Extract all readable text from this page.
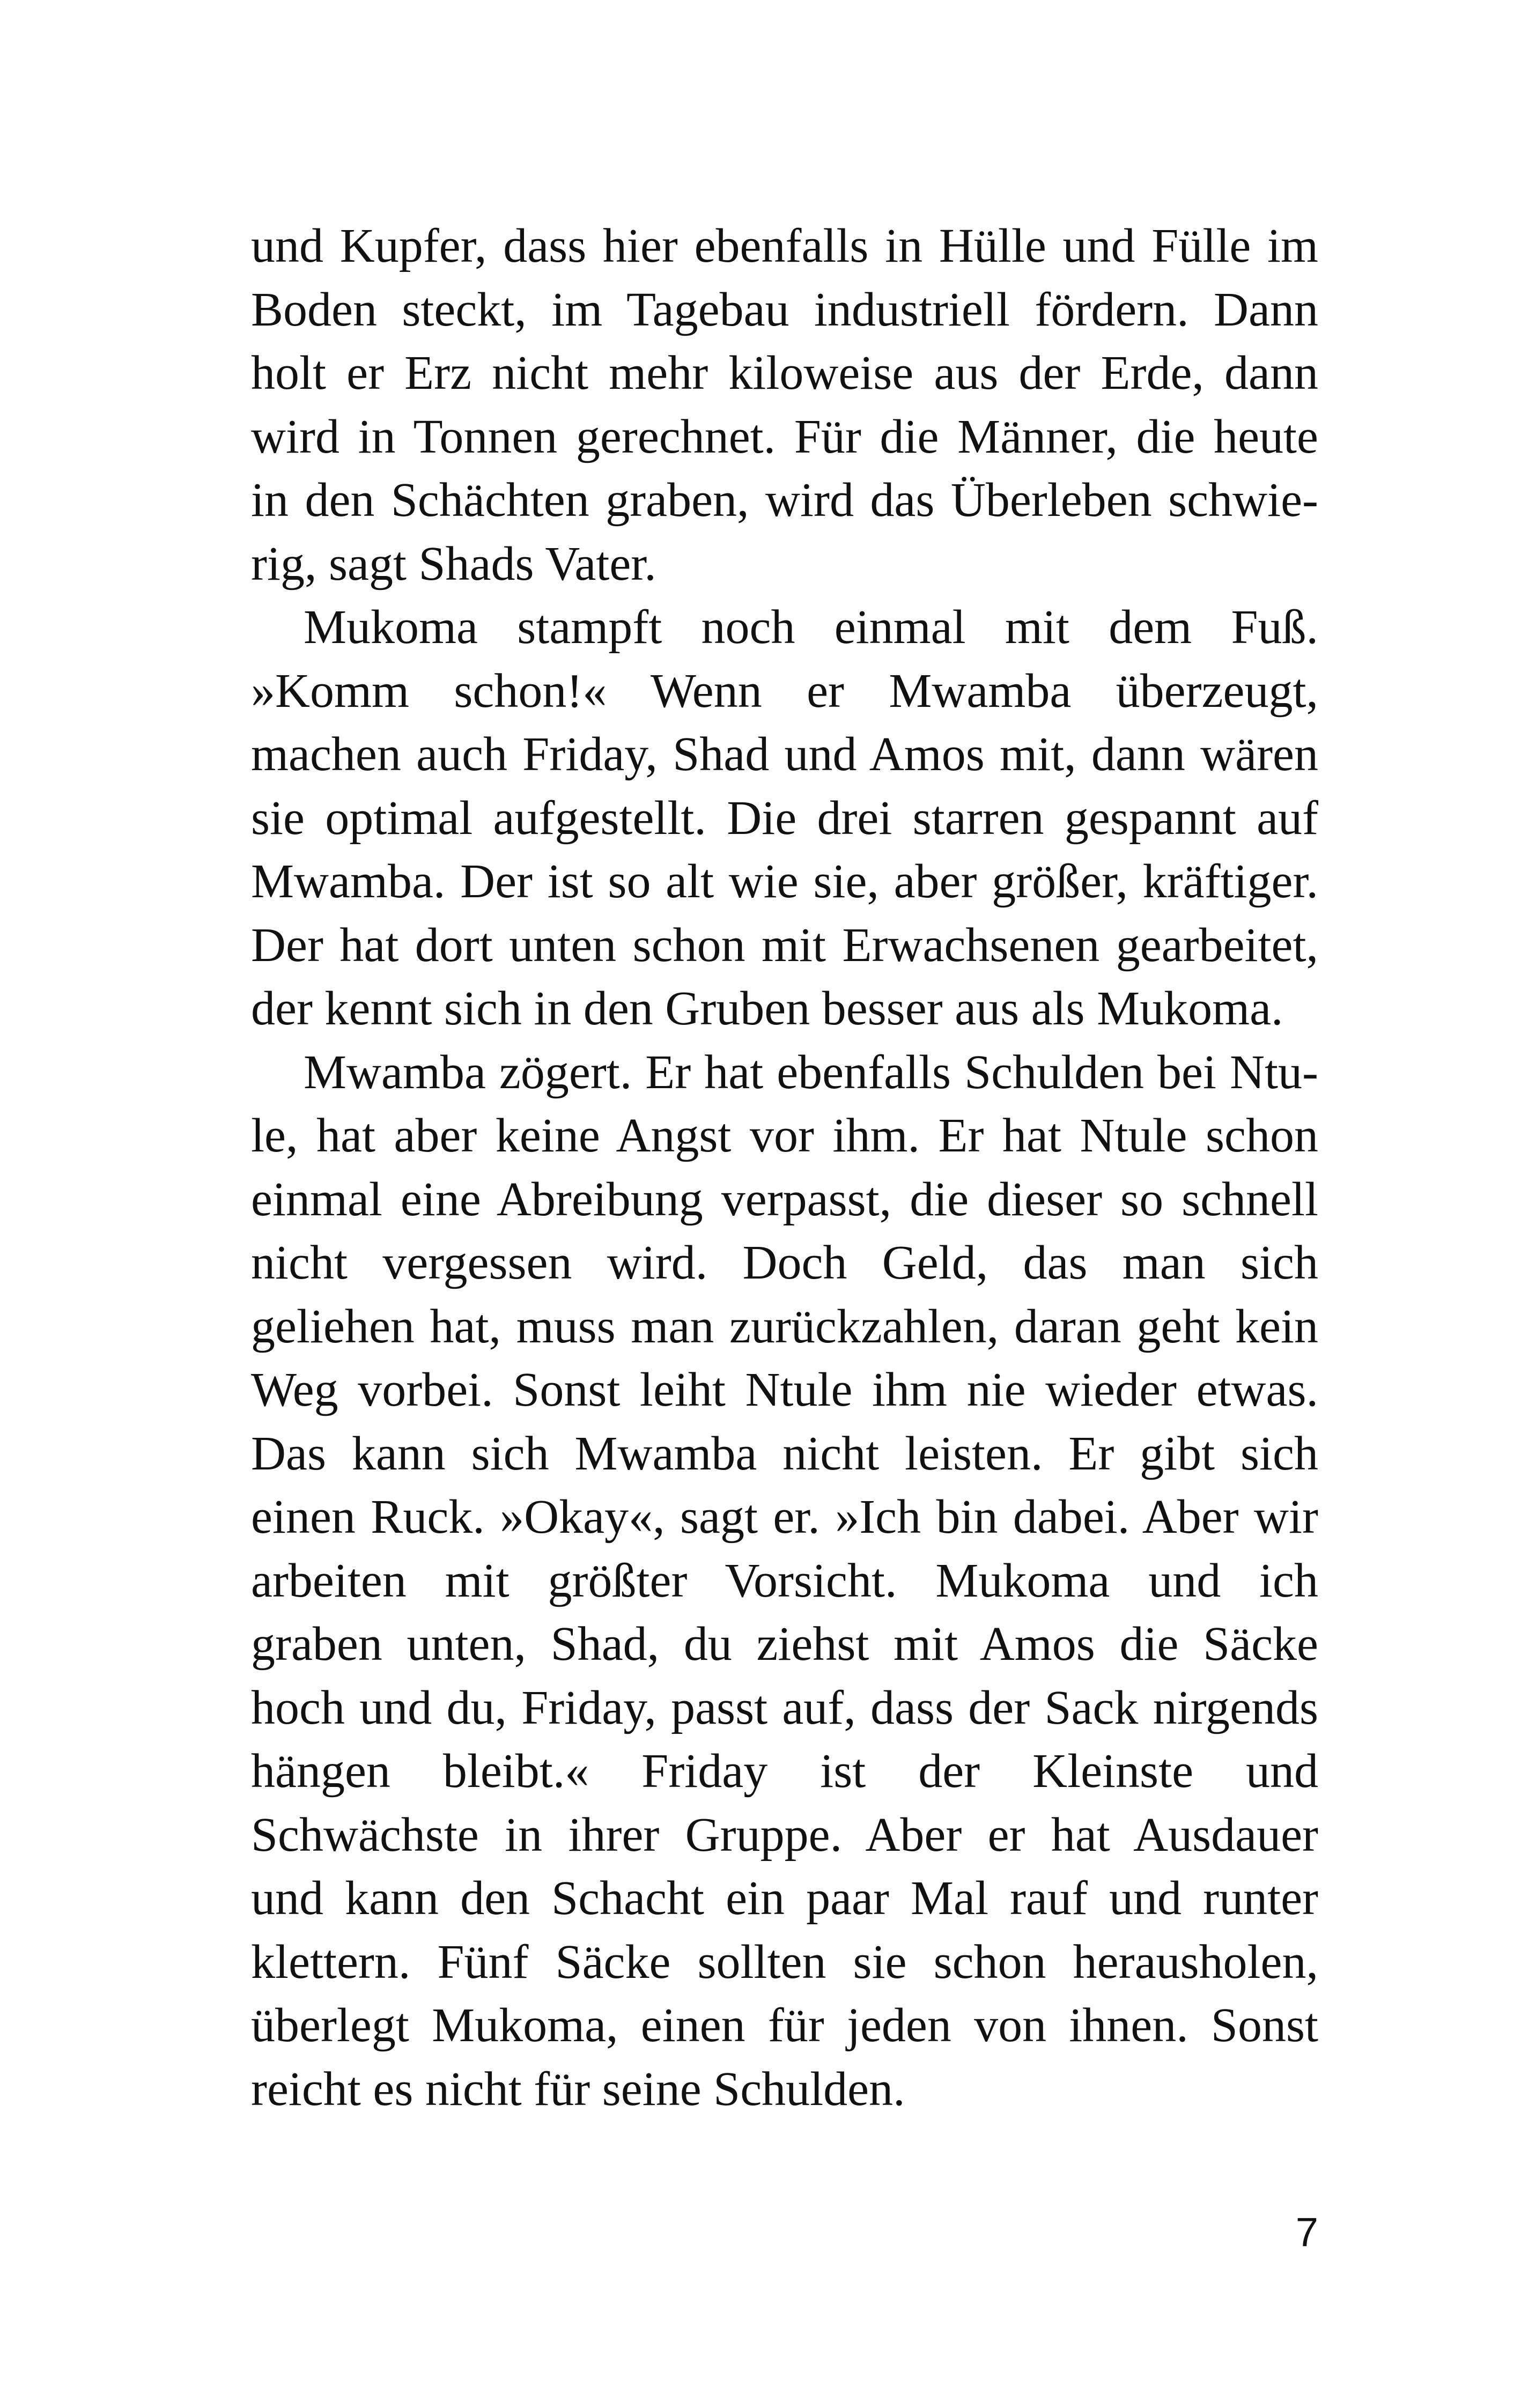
und Kupfer, dass hier ebenfalls in Hülle und Fülle im
Boden steckt, im Tagebau industriell fördern. Dann
holt er Erz nicht mehr kiloweise aus der Erde, dann
wird in Tonnen gerechnet. Für die Männer, die heute
in den Schächten graben, wird das Überleben schwie-
rig, sagt Shads Vater.
Mukoma stampft noch einmal mit dem Fuß.
»Komm schon!« Wenn er Mwamba überzeugt,
machen auch Friday, Shad und Amos mit, dann wären
sie optimal aufgestellt. Die drei starren gespannt auf
Mwamba. Der ist so alt wie sie, aber größer, kräftiger.
Der hat dort unten schon mit Erwachsenen gearbeitet,
der kennt sich in den Gruben besser aus als Mukoma.
Mwamba zögert. Er hat ebenfalls Schulden bei Ntu-
le, hat aber keine Angst vor ihm. Er hat Ntule schon
einmal eine Abreibung verpasst, die dieser so schnell
nicht vergessen wird. Doch Geld, das man sich
geliehen hat, muss man zurückzahlen, daran geht kein
Weg vorbei. Sonst leiht Ntule ihm nie wieder etwas.
Das kann sich Mwamba nicht leisten. Er gibt sich
einen Ruck. »Okay«, sagt er. »Ich bin dabei. Aber wir
arbeiten mit größter Vorsicht. Mukoma und ich
graben unten, Shad, du ziehst mit Amos die Säcke
hoch und du, Friday, passt auf, dass der Sack nirgends
hängen bleibt.« Friday ist der Kleinste und
Schwächste in ihrer Gruppe. Aber er hat Ausdauer
und kann den Schacht ein paar Mal rauf und runter
klettern. Fünf Säcke sollten sie schon herausholen,
überlegt Mukoma, einen für jeden von ihnen. Sonst
reicht es nicht für seine Schulden.
7
